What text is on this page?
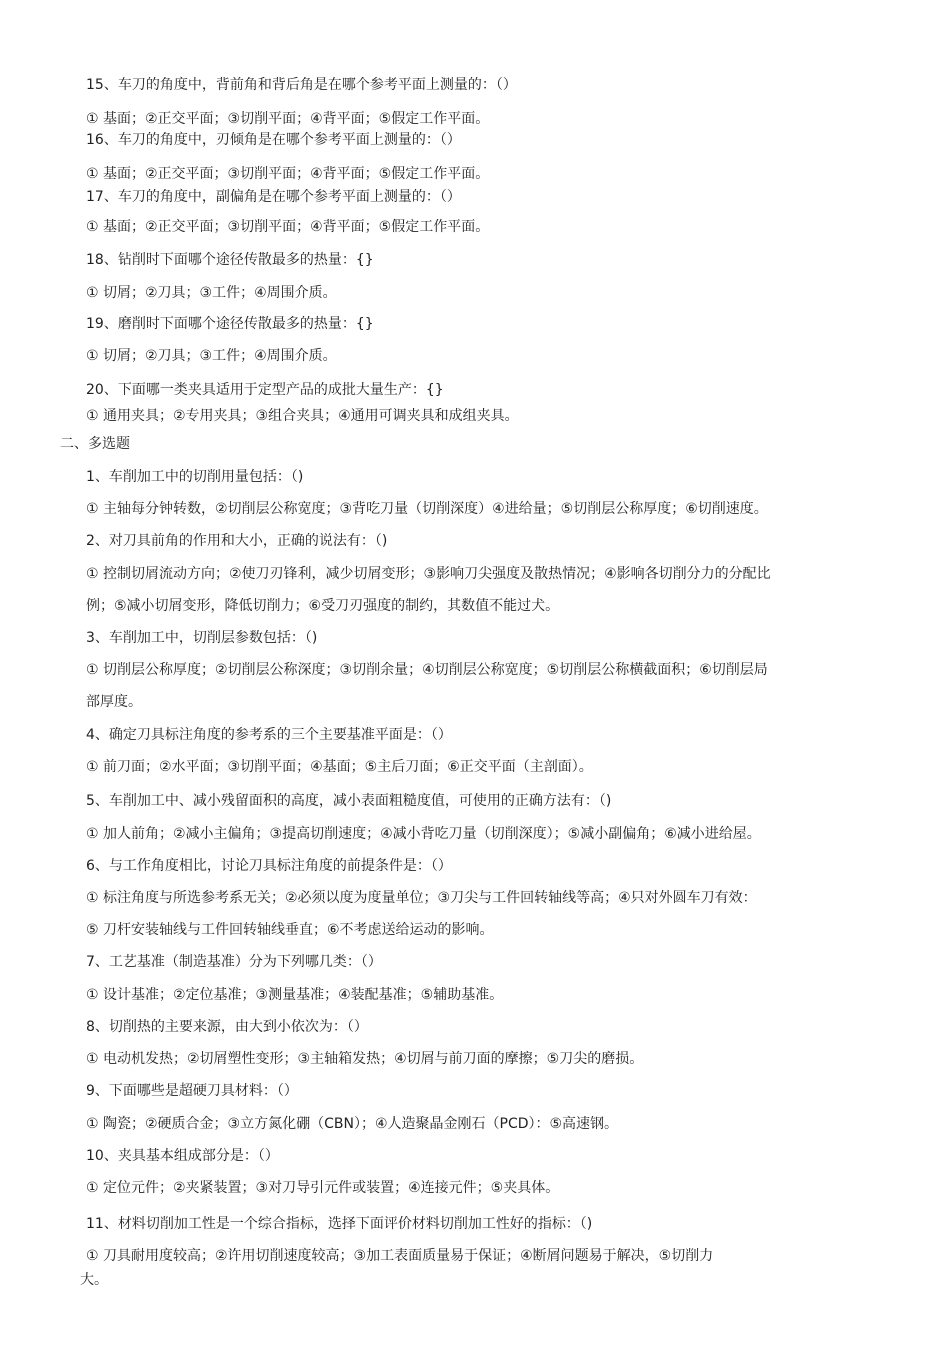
15、车刀的角度中，背前角和背后角是在哪个参考平面上测量的：（）
① 基面；②正交平面；③切削平面；④背平面；⑤假定工作平面。
16、车刀的角度中，刃倾角是在哪个参考平面上测量的：（）
① 基面；②正交平面；③切削平面；④背平面；⑤假定工作平面。
17、车刀的角度中，副偏角是在哪个参考平面上测量的：（）
① 基面；②正交平面；③切削平面；④背平面；⑤假定工作平面。
18、钻削时下面哪个途径传散最多的热量：{}
① 切屑；②刀具；③工件；④周围介质。
19、磨削时下面哪个途径传散最多的热量：{}
① 切屑；②刀具；③工件；④周围介质。
20、下面哪一类夹具适用于定型产品的成批大量生产：{}
① 通用夹具；②专用夹具；③组合夹具；④通用可调夹具和成组夹具。
二、多选题
1、车削加工中的切削用量包括：（)
① 主轴每分钟转数，②切削层公称宽度；③背吃刀量（切削深度）④进给量；⑤切削层公称厚度；⑥切削速度。
2、对刀具前角的作用和大小，正确的说法有：（)
① 控制切屑流动方向；②使刀刃锋利，减少切屑变形；③影响刀尖强度及散热情况；④影响各切削分力的分配比
例；⑤减小切屑变形，降低切削力；⑥受刀刃强度的制约，其数值不能过犬。
3、车削加工中，切削层参数包括：（)
① 切削层公称厚度；②切削层公称深度；③切削余量；④切削层公称宽度；⑤切削层公称横截面积；⑥切削层局
部厚度。
4、确定刀具标注角度的参考系的三个主要基准平面是：（）
① 前刀面；②水平面；③切削平面；④基面；⑤主后刀面；⑥正交平面（主剖面）。
5、车削加工中、减小残留面积的高度，减小表面粗糙度值，可使用的正确方法有：（)
① 加人前角；②减小主偏角；③提高切削速度；④减小背吃刀量（切削深度）；⑤减小副偏角；⑥减小进给屋。
6、与工作角度相比，讨论刀具标注角度的前提条件是：（）
① 标注角度与所选参考系无关；②必须以度为度量单位；③刀尖与工件回转轴线等高；④只对外圆车刀有效：
⑤ 刀杆安装轴线与工件回转轴线垂直；⑥不考虑送给运动的影响。
7、工艺基准（制造基准）分为下列哪几类：（）
① 设计基准；②定位基准；③测量基准；④装配基准；⑤辅助基准。
8、切削热的主要来源，由大到小依次为：（）
① 电动机发热；②切屑塑性变形；③主轴箱发热；④切屑与前刀面的摩擦；⑤刀尖的磨损。
9、下面哪些是超硬刀具材料：（）
① 陶瓷；②硬质合金；③立方氮化硼（CBN）；④人造聚晶金刚石（PCD）：⑤高速钢。
10、夹具基本组成部分是：（）
① 定位元件；②夹紧装置；③对刀导引元件或装置；④连接元件；⑤夹具体。
11、材料切削加工性是一个综合指标，选择下面评价材料切削加工性好的指标：（)
① 刀具耐用度较高；②许用切削速度较高；③加工表面质量易于保证；④断屑问题易于解决，⑤切削力
大。
